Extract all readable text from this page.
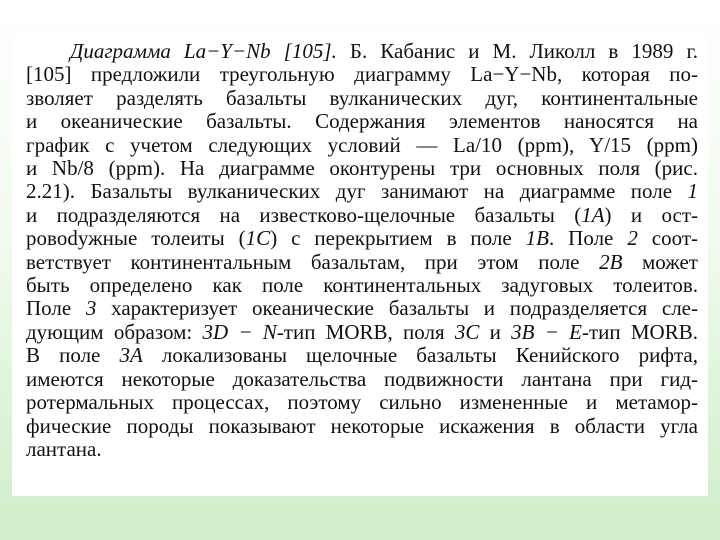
Диаграмма La−Y−Nb [105]. Б. Кабанис и М. Ликолл в 1989 г.
[105] предложили треугольную диаграмму La−Y−Nb, которая по-
зволяет разделять базальты вулканических дуг, континентальные
и океанические базальты. Содержания элементов наносятся на
график с учетом следующих условий — La/10 (ppm), Y/15 (ppm)
и Nb/8 (ppm). На диаграмме оконтурены три основных поля (рис.
2.21). Базальты вулканических дуг занимают на диаграмме поле 1
и подразделяются на известково-щелочные базальты (1A) и ост-
ровodужные толеиты (1C) с перекрытием в поле 1B. Поле 2 соот-
ветствует континентальным базальтам, при этом поле 2B может
быть определено как поле континентальных задуговых толеитов.
Поле 3 характеризует океанические базальты и подразделяется сле-
дующим образом: 3D − N-тип MORB, поля 3C и 3B − E-тип MORB.
В поле 3A локализованы щелочные базальты Кенийского рифта,
имеются некоторые доказательства подвижности лантана при гид-
ротермальных процессах, поэтому сильно измененные и метамор-
фические породы показывают некоторые искажения в области угла
лантана.
